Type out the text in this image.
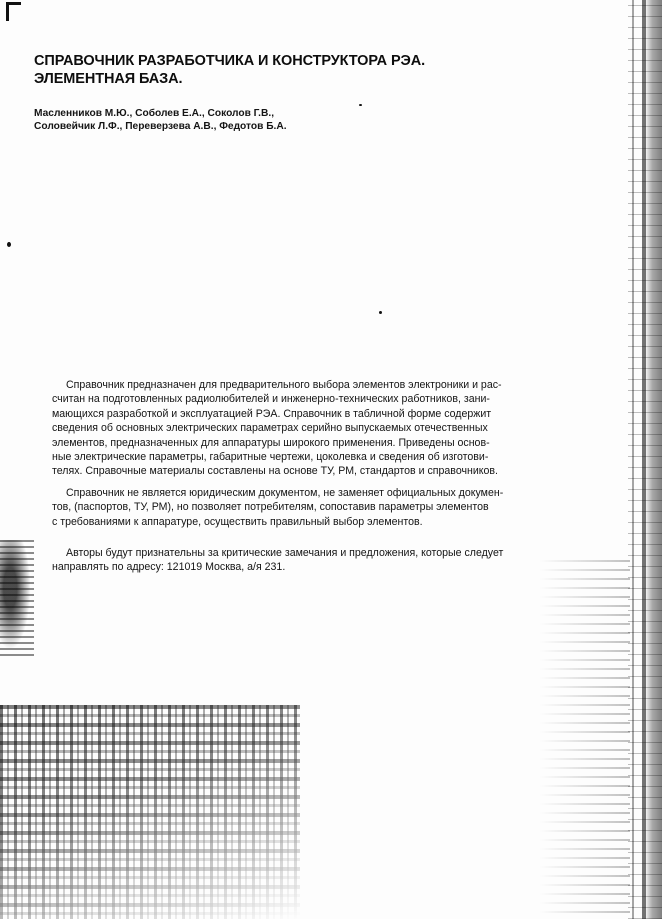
СПРАВОЧНИК РАЗРАБОТЧИКА И КОНСТРУКТОРА РЭА.
ЭЛЕМЕНТНАЯ БАЗА.
Масленников М.Ю., Соболев Е.А., Соколов Г.В.,
Соловейчик Л.Ф., Переверзева А.В., Федотов Б.А.
Справочник предназначен для предварительного выбора элементов электроники и рас-
считан на подготовленных радиолюбителей и инженерно-технических работников, зани-
мающихся разработкой и эксплуатацией РЭА. Справочник в табличной форме содержит
сведения об основных электрических параметрах серийно выпускаемых отечественных
элементов, предназначенных для аппаратуры широкого применения. Приведены основ-
ные электрические параметры, габаритные чертежи, цоколевка и сведения об изготови-
телях. Справочные материалы составлены на основе ТУ, РМ, стандартов и справочников.
Справочник не является юридическим документом, не заменяет официальных докумен-
тов, (паспортов, ТУ, РМ), но позволяет потребителям, сопоставив параметры элементов
с требованиями к аппаратуре, осуществить правильный выбор элементов.
Авторы будут признательны за критические замечания и предложения, которые следует
направлять по адресу: 121019 Москва, а/я 231.
